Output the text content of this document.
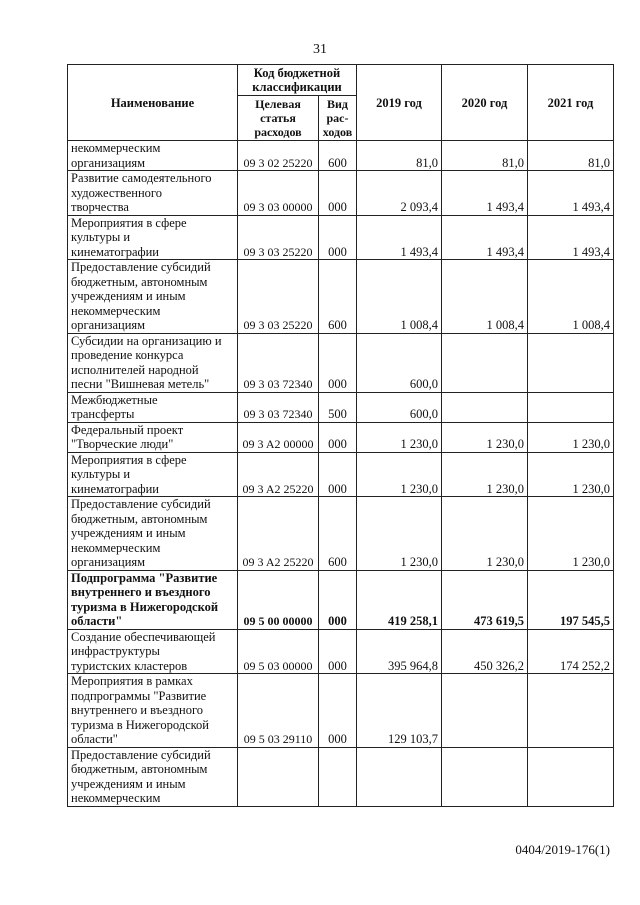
31
Наименование	Код бюджетной классификации		2019 год	2020 год	2021 год
	Целевая статья расходов	Вид рас-ходов			
некоммерческим
организациям	09 3 02 25220	600	81,0	81,0	81,0
Развитие самодеятельного
художественного
творчества	09 3 03 00000	000	2 093,4	1 493,4	1 493,4
Мероприятия в сфере
культуры и
кинематографии	09 3 03 25220	000	1 493,4	1 493,4	1 493,4
Предоставление субсидий
бюджетным, автономным
учреждениям и иным
некоммерческим
организациям	09 3 03 25220	600	1 008,4	1 008,4	1 008,4
Субсидии на организацию и
проведение конкурса
исполнителей народной
песни "Вишневая метель"	09 3 03 72340	000	600,0		
Межбюджетные
трансферты	09 3 03 72340	500	600,0		
Федеральный проект
"Творческие люди"	09 3 A2 00000	000	1 230,0	1 230,0	1 230,0
Мероприятия в сфере
культуры и
кинематографии	09 3 A2 25220	000	1 230,0	1 230,0	1 230,0
Предоставление субсидий
бюджетным, автономным
учреждениям и иным
некоммерческим
организациям	09 3 A2 25220	600	1 230,0	1 230,0	1 230,0
Подпрограмма "Развитие
внутреннего и въездного
туризма в Нижегородской
области"	09 5 00 00000	000	419 258,1	473 619,5	197 545,5
Создание обеспечивающей
инфраструктуры
туристских кластеров	09 5 03 00000	000	395 964,8	450 326,2	174 252,2
Мероприятия в рамках
подпрограммы "Развитие
внутреннего и въездного
туризма в Нижегородской
области"	09 5 03 29110	000	129 103,7		
Предоставление субсидий
бюджетным, автономным
учреждениям и иным
некоммерческим					
0404/2019-176(1)
